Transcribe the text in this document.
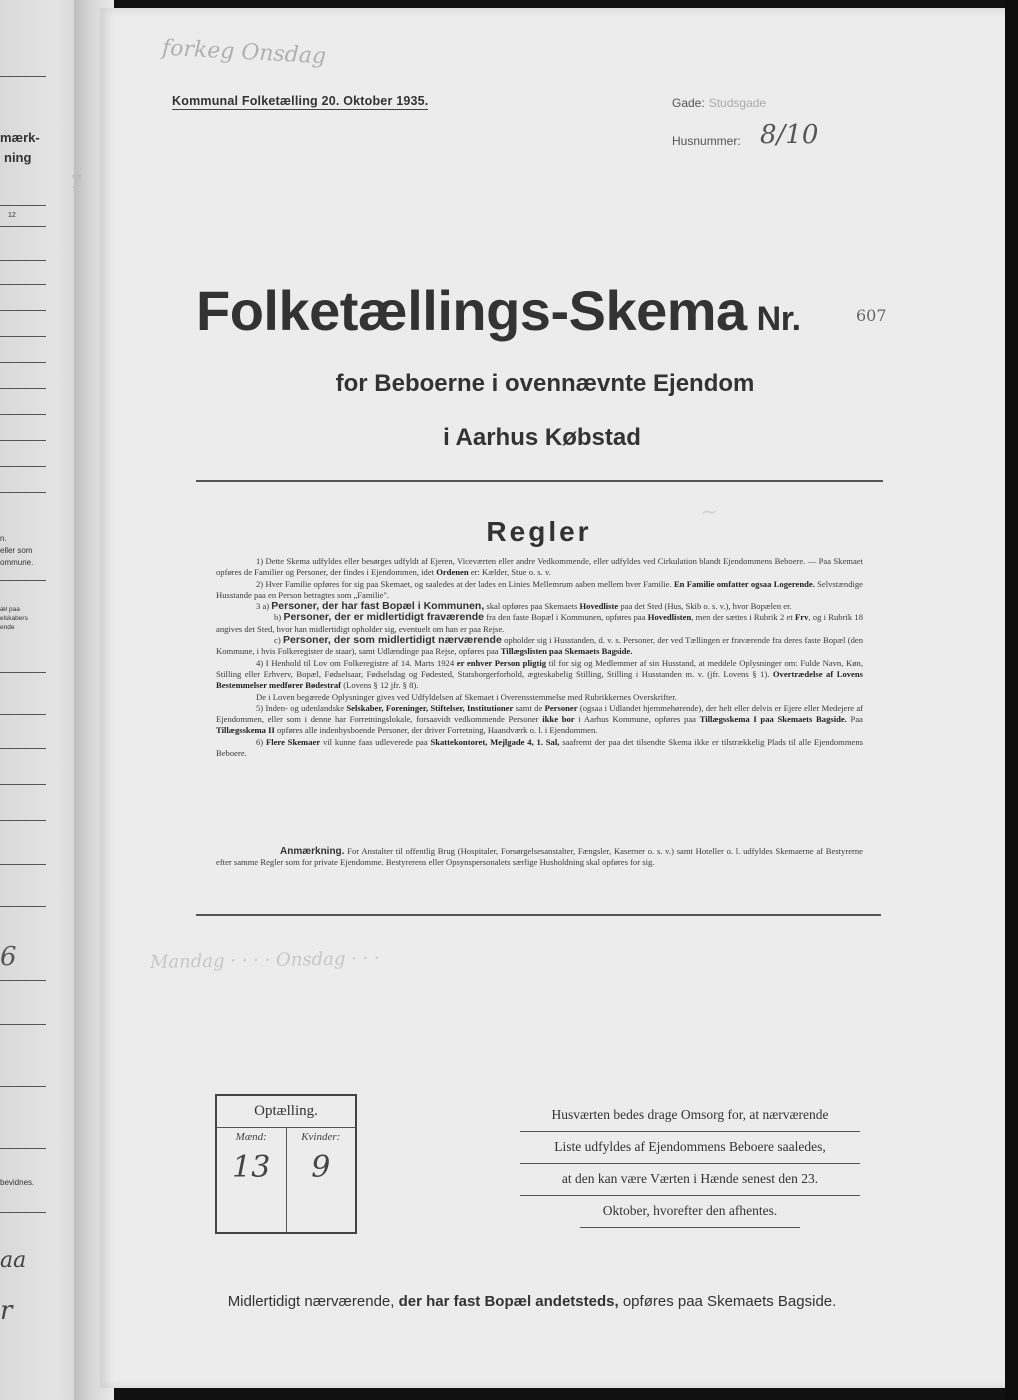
mærk-
ning
7
12
n.
eller som
ommune.
æl paa
elskabers
ende
6
bevidnes.
aa
r
forkeg Onsdag
Kommunal Folketælling 20. Oktober 1935.	Gade: Studsgade
Husnummer: 8/10
Folketællings-Skema Nr.	607
for Beboerne i ovennævnte Ejendom
i Aarhus Købstad
~
Regler

1) Dette Skema udfyldes eller besørges udfyldt af Ejeren, Viceværten eller andre Vedkommende, eller udfyldes ved Cirkulation blandt Ejendommens Beboere. — Paa Skemaet opføres de Familier og Personer, der findes i Ejendommen, idet Ordenen er: Kælder, Stue o. s. v.

2) Hver Familie opføres for sig paa Skemaet, og saaledes at der lades en Linies Mellemrum aaben mellem hver Familie. En Familie omfatter ogsaa Logerende. Selvstændige Husstande paa en Person betragtes som „Familie".

3 a) Personer, der har fast Bopæl i Kommunen, skal opføres paa Skemaets Hovedliste paa det Sted (Hus, Skib o. s. v.), hvor Bopælen er.

b) Personer, der er midlertidigt fraværende fra den faste Bopæl i Kommunen, opføres paa Hovedlisten, men der sættes i Rubrik 2 et Frv, og i Rubrik 18 angives det Sted, hvor han midlertidigt opholder sig, eventuelt om han er paa Rejse.

c) Personer, der som midlertidigt nærværende opholder sig i Husstanden, d. v. s. Personer, der ved Tællingen er fraværende fra deres faste Bopæl (den Kommune, i hvis Folkeregister de staar), samt Udlændinge paa Rejse, opføres paa Tillægslisten paa Skemaets Bagside.

4) I Henhold til Lov om Folkeregistre af 14. Marts 1924 er enhver Person pligtig til for sig og Medlemmer af sin Husstand, at meddele Oplysninger om: Fulde Navn, Køn, Stilling eller Erhverv, Bopæl, Fødselsaar, Fødselsdag og Fødested, Statsborgerforhold, ægteskabelig Stilling, Stilling i Husstanden m. v. (jfr. Lovens § 1). Overtrædelse af Lovens Bestemmelser medfører Bødestraf (Lovens § 12 jfr. § 8).

De i Loven begærede Oplysninger gives ved Udfyldelsen af Skemaet i Overensstemmelse med Rubrikkernes Overskrifter.

5) Inden- og udenlandske Selskaber, Foreninger, Stiftelser, Institutioner samt de Personer (ogsaa i Udlandet hjemmehørende), der helt eller delvis er Ejere eller Medejere af Ejendommen, eller som i denne har Forretningslokale, forsaavidt vedkommende Personer ikke bor i Aarhus Kommune, opføres paa Tillægsskema I paa Skemaets Bagside. Paa Tillægsskema II opføres alle indenbysboende Personer, der driver Forretning, Haandværk o. l. i Ejendommen.

6) Flere Skemaer vil kunne faas udleverede paa Skattekontoret, Mejlgade 4, 1. Sal, saafremt der paa det tilsendte Skema ikke er tilstrækkelig Plads til alle Ejendommens Beboere.

Anmærkning. For Anstalter til offentlig Brug (Hospitaler, Forsørgelsesanstalter, Fængsler, Kaserner o. s. v.) samt Hoteller o. l. udfyldes Skemaerne af Bestyrerne efter samme Regler som for private Ejendomme. Bestyrerens eller Opsynspersonalets særlige Husholdning skal opføres for sig.

Mandag · · · · Onsdag · · ·
Optælling.
Mænd:
13
Kvinder:
9
Husværten bedes drage Omsorg for, at nærværende
Liste udfyldes af Ejendommens Beboere saaledes,
at den kan være Værten i Hænde senest den 23.
Oktober, hvorefter den afhentes.
Midlertidigt nærværende, der har fast Bopæl andetsteds, opføres paa Skemaets Bagside.
